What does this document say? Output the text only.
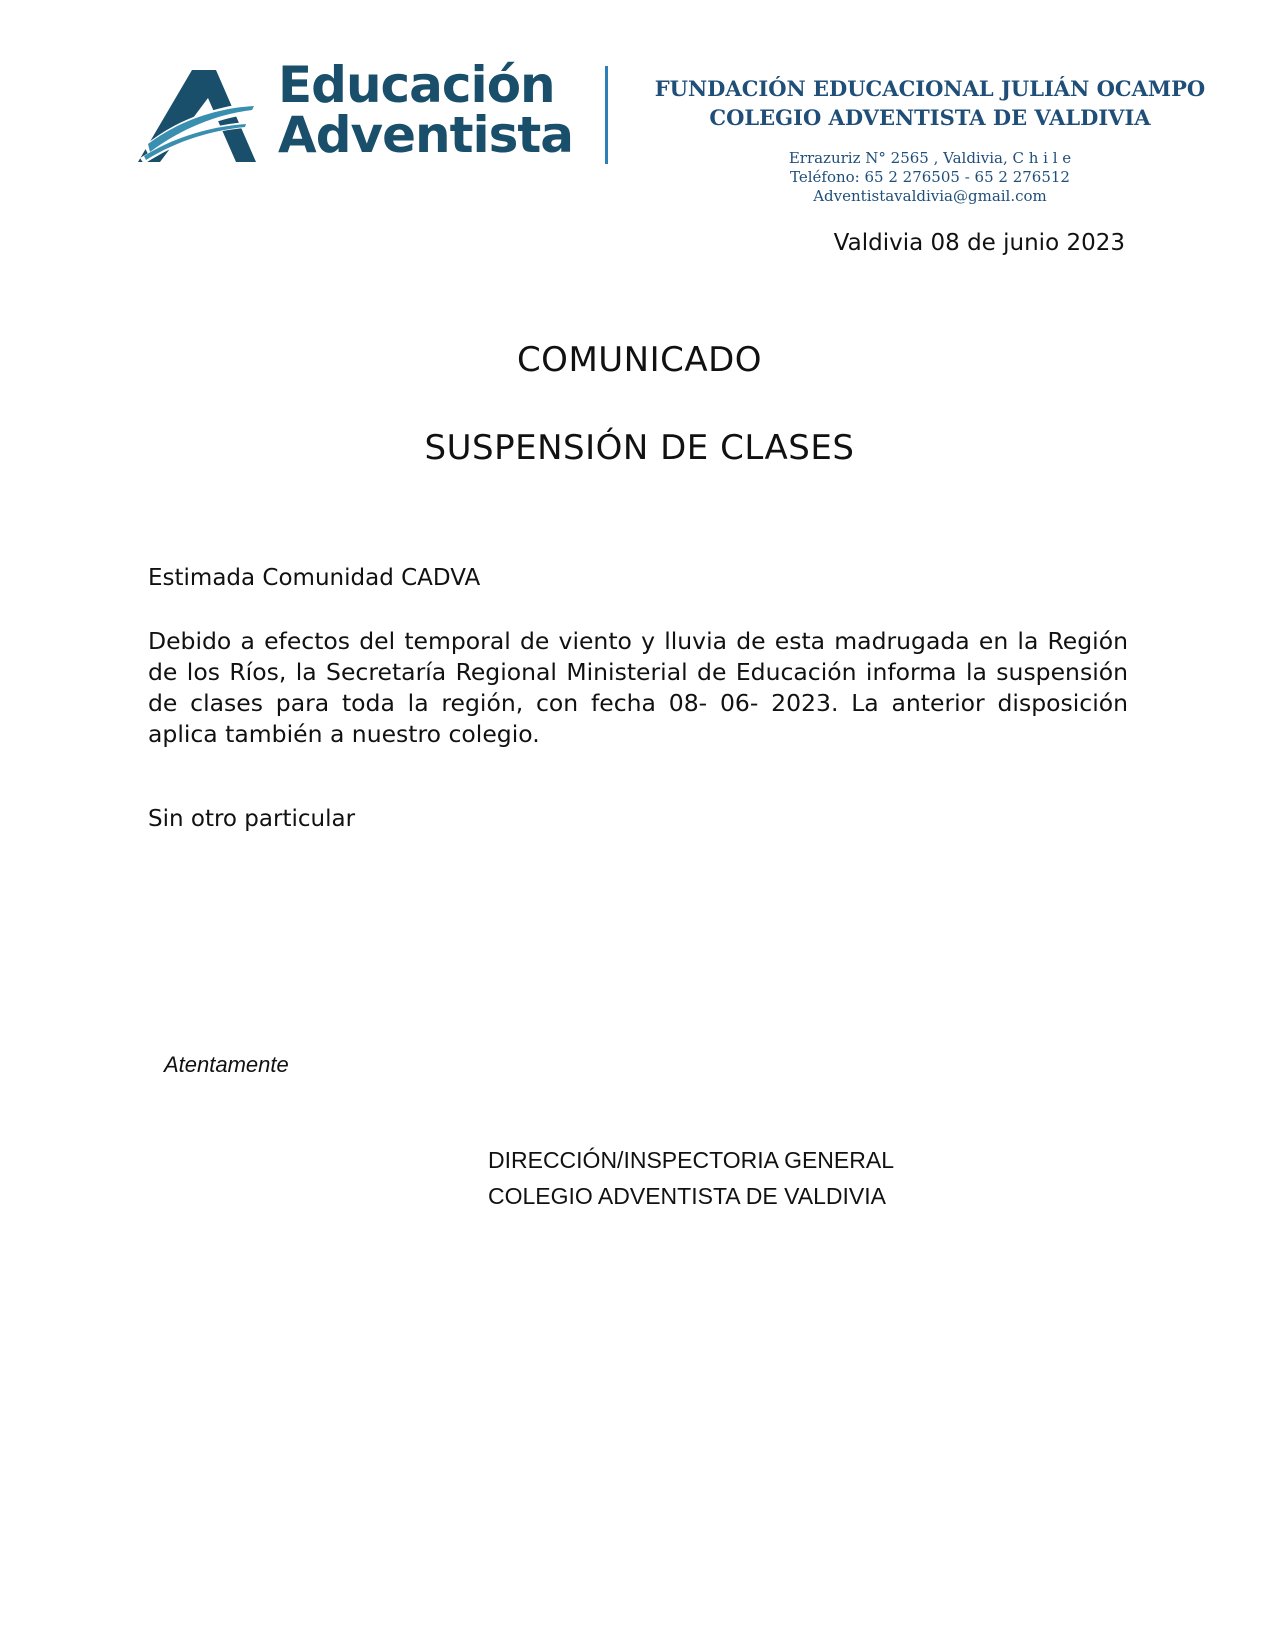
Educación
Adventista
FUNDACIÓN EDUCACIONAL JULIÁN OCAMPO
COLEGIO ADVENTISTA DE VALDIVIA
Errazuriz N° 2565 , Valdivia, C h i l e
Teléfono: 65 2 276505 - 65 2 276512
Adventistavaldivia@gmail.com
Valdivia 08 de junio 2023
COMUNICADO
SUSPENSIÓN DE CLASES
Estimada Comunidad CADVA

Debido a efectos del temporal de viento y lluvia de esta madrugada en la Región de los Ríos, la Secretaría Regional Ministerial de Educación informa la suspensión de clases para toda la región, con fecha 08- 06- 2023. La anterior disposición aplica también a nuestro colegio.

Sin otro particular
Atentamente
DIRECCIÓN/INSPECTORIA GENERAL
COLEGIO ADVENTISTA DE VALDIVIA
